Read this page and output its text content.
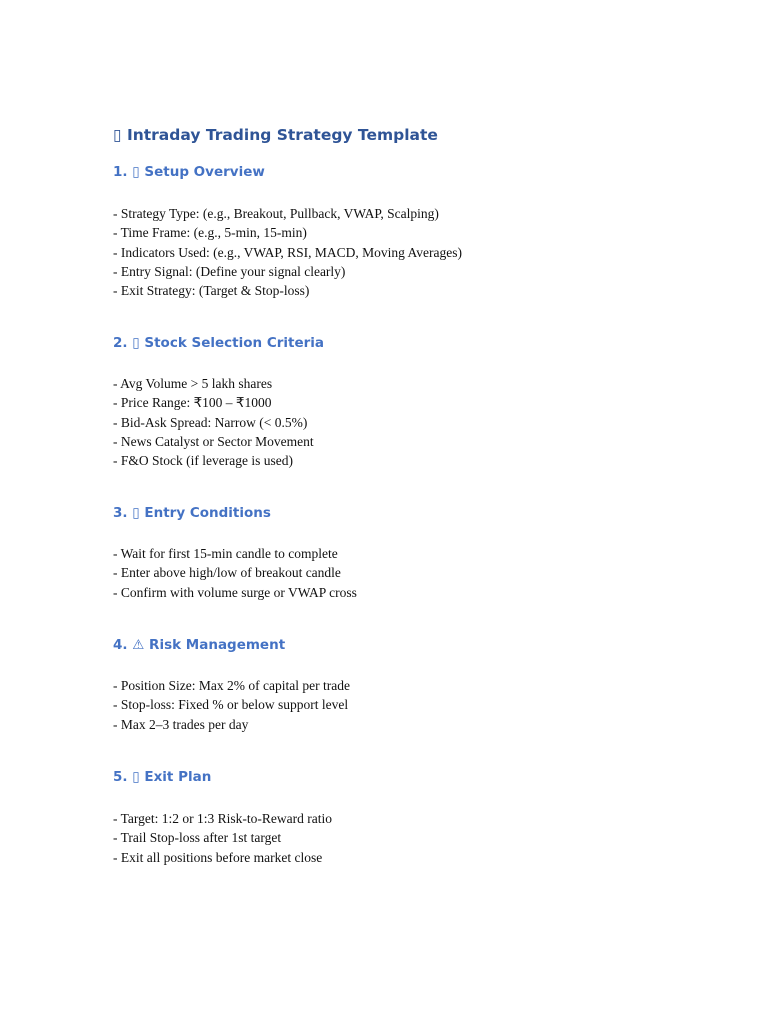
▯ Intraday Trading Strategy Template
1. ▯ Setup Overview
- Strategy Type: (e.g., Breakout, Pullback, VWAP, Scalping)
- Time Frame: (e.g., 5-min, 15-min)
- Indicators Used: (e.g., VWAP, RSI, MACD, Moving Averages)
- Entry Signal: (Define your signal clearly)
- Exit Strategy: (Target & Stop-loss)
2. ▯ Stock Selection Criteria
- Avg Volume > 5 lakh shares
- Price Range: ₹100 – ₹1000
- Bid-Ask Spread: Narrow (< 0.5%)
- News Catalyst or Sector Movement
- F&O Stock (if leverage is used)
3. ▯ Entry Conditions
- Wait for first 15-min candle to complete
- Enter above high/low of breakout candle
- Confirm with volume surge or VWAP cross
4. ⚠ Risk Management
- Position Size: Max 2% of capital per trade
- Stop-loss: Fixed % or below support level
- Max 2–3 trades per day
5. ▯ Exit Plan
- Target: 1:2 or 1:3 Risk-to-Reward ratio
- Trail Stop-loss after 1st target
- Exit all positions before market close
